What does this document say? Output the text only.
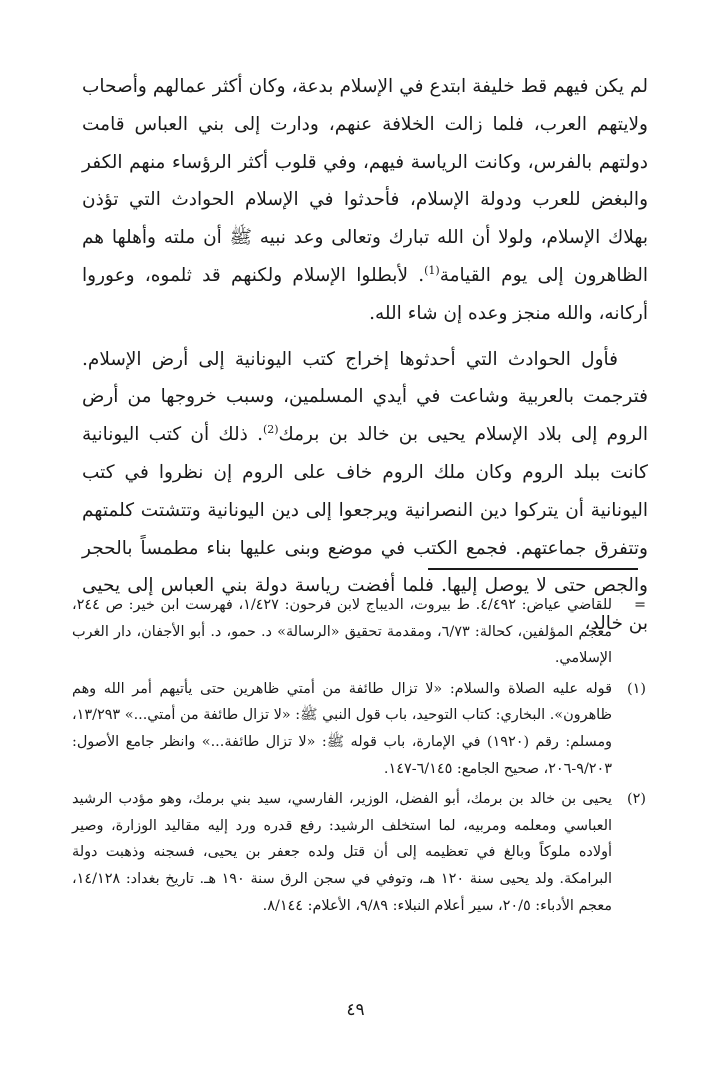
لم يكن فيهم قط خليفة ابتدع في الإسلام بدعة، وكان أكثر عمالهم وأصحاب ولايتهم العرب، فلما زالت الخلافة عنهم، ودارت إلى بني العباس قامت دولتهم بالفرس، وكانت الرياسة فيهم، وفي قلوب أكثر الرؤساء منهم الكفر والبغض للعرب ودولة الإسلام، فأحدثوا في الإسلام الحوادث التي تؤذن بهلاك الإسلام، ولولا أن الله تبارك وتعالى وعد نبيه ﷺ أن ملته وأهلها هم الظاهرون إلى يوم القيامة$^{(1)}$. لأبطلوا الإسلام ولكنهم قد ثلموه، وعوروا أركانه، والله منجز وعده إن شاء الله.

فأول الحوادث التي أحدثوها إخراج كتب اليونانية إلى أرض الإسلام. فترجمت بالعربية وشاعت في أيدي المسلمين، وسبب خروجها من أرض الروم إلى بلاد الإسلام يحيى بن خالد بن برمك$^{(2)}$. ذلك أن كتب اليونانية كانت ببلد الروم وكان ملك الروم خاف على الروم إن نظروا في كتب اليونانية أن يتركوا دين النصرانية ويرجعوا إلى دين اليونانية وتتشتت كلمتهم وتتفرق جماعتهم. فجمع الكتب في موضع وبنى عليها بناء مطمساً بالحجر والجص حتى لا يوصل إليها. فلما أفضت رياسة دولة بني العباس إلى يحيى بن خالد،

=
للقاضي عياض: ٤/٤٩٢. ط بيروت، الديباج لابن فرحون: ١/٤٢٧، فهرست ابن خير: ص ٢٤٤، معجم المؤلفين، كحالة: ٦/٧٣، ومقدمة تحقيق «الرسالة» د. حمو، د. أبو الأجفان، دار الغرب الإسلامي.
(١)
قوله عليه الصلاة والسلام: «لا تزال طائفة من أمتي ظاهرين حتى يأتيهم أمر الله وهم ظاهرون». البخاري: كتاب التوحيد، باب قول النبي ﷺ: «لا تزال طائفة من أمتي...» ١٣/٢٩٣، ومسلم: رقم (١٩٢٠) في الإمارة، باب قوله ﷺ: «لا تزال طائفة...» وانظر جامع الأصول: ٩/٢٠٣-٢٠٦، صحيح الجامع: ٦/١٤٥-١٤٧.
(٢)
يحيى بن خالد بن برمك، أبو الفضل، الوزير، الفارسي، سيد بني برمك، وهو مؤدب الرشيد العباسي ومعلمه ومربيه، لما استخلف الرشيد: رفع قدره ورد إليه مقاليد الوزارة، وصير أولاده ملوكاً وبالغ في تعظيمه إلى أن قتل ولده جعفر بن يحيى، فسجنه وذهبت دولة البرامكة. ولد يحيى سنة ١٢٠ هـ، وتوفي في سجن الرق سنة ١٩٠ هـ. تاريخ بغداد: ١٤/١٢٨، معجم الأدباء: ٢٠/٥، سير أعلام النبلاء: ٩/٨٩، الأعلام: ٨/١٤٤.
٤٩
